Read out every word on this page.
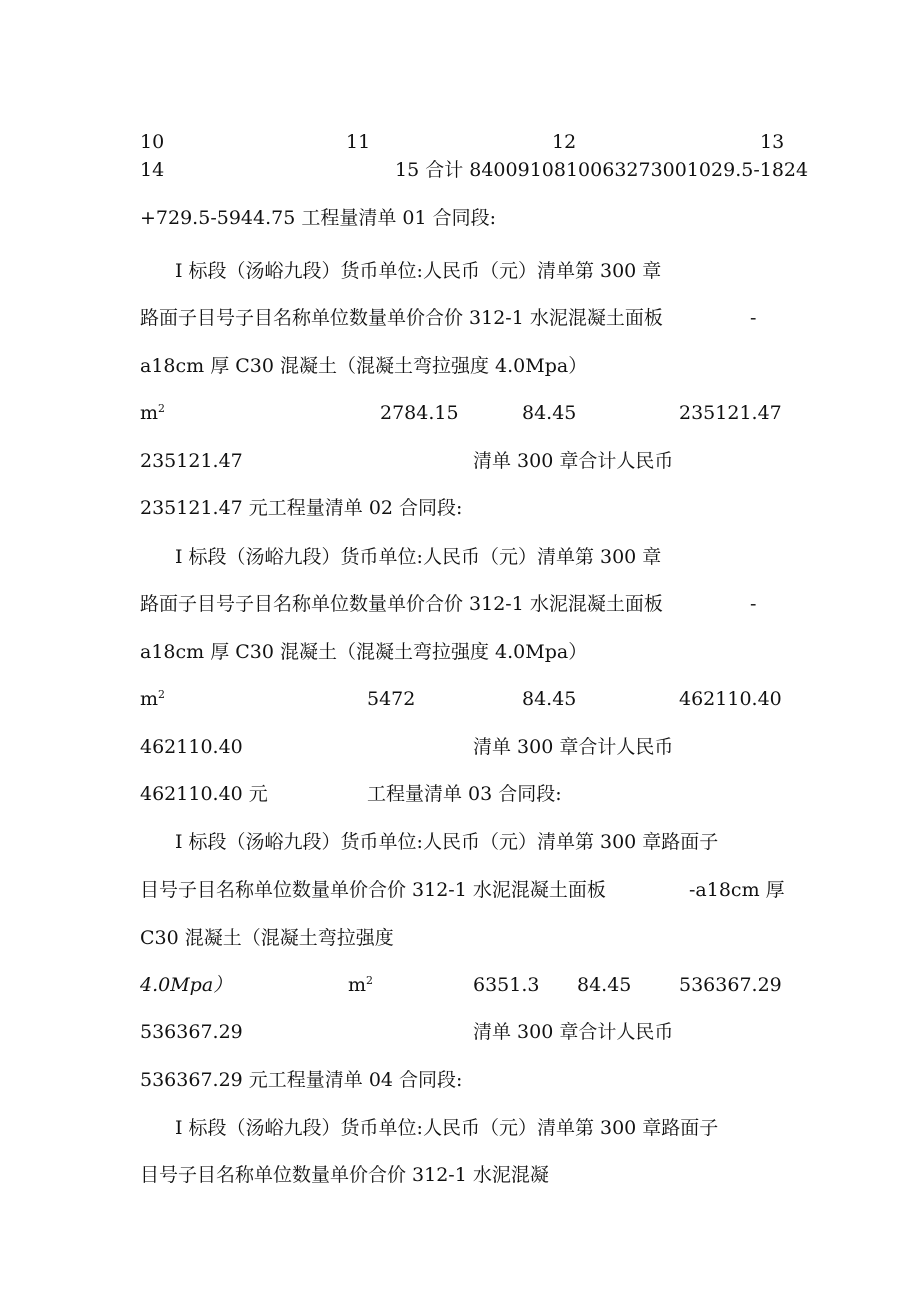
10	11	12	13
14	15 合计 84009108100632730010​29.5-1824
+729.5-5944.75 工程量清单 01 合同段:
I 标段（汤峪九段）货币单位:人民币（元）清单第 300 章
路面子目号子目名称单位数量单价合价 312-1 水泥混凝土面板	-
a18cm 厚 C30 混凝土（混凝土弯拉强度 4.0Mpa）
$m^2$	2784.15	84.45	235121.47
235121.47	清单 300 章合计人民币
235121.47 元工程量清单 02 合同段:
I 标段（汤峪九段）货币单位:人民币（元）清单第 300 章
路面子目号子目名称单位数量单价合价 312-1 水泥混凝土面板	-
a18cm 厚 C30 混凝土（混凝土弯拉强度 4.0Mpa）
$m^2$	5472	84.45	462110.40
462110.40	清单 300 章合计人民币
462110.40 元	工程量清单 03 合同段:
I 标段（汤峪九段）货币单位:人民币（元）清单第 300 章路面子
目号子目名称单位数量单价合价 312-1 水泥混凝土面板	-a18cm 厚
C30 混凝土（混凝土弯拉强度
4.0Mpa）	$m^2$	6351.3 84.45	536367.29
536367.29	清单 300 章合计人民币
536367.29 元工程量清单 04 合同段:
I 标段（汤峪九段）货币单位:人民币（元）清单第 300 章路面子
目号子目名称单位数量单价合价 312-1 水泥混凝
